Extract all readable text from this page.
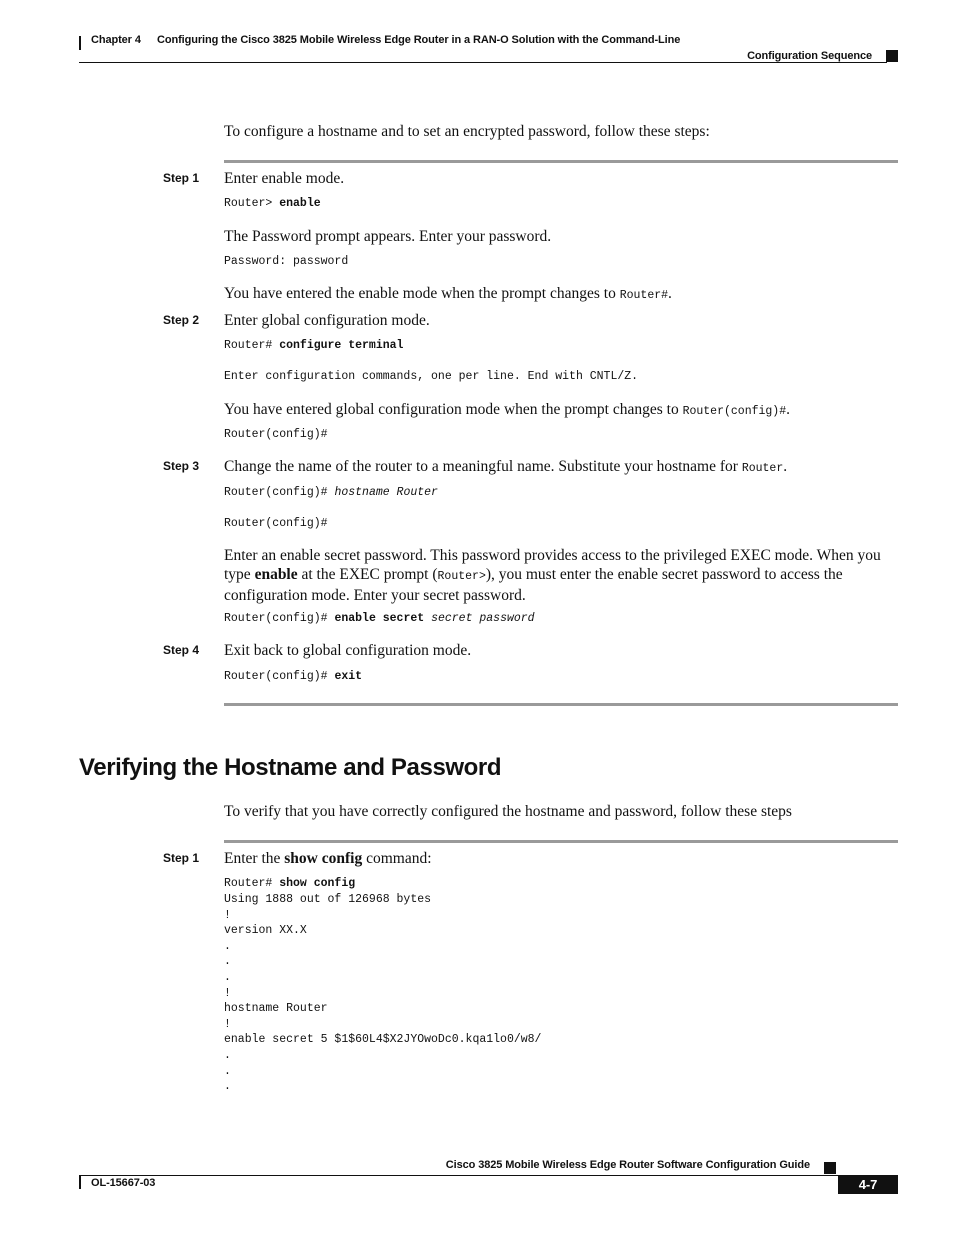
Chapter 4 Configuring the Cisco 3825 Mobile Wireless Edge Router in a RAN-O Solution with the Command-Line
Configuration Sequence
To configure a hostname and to set an encrypted password, follow these steps:
Step 1 Enter enable mode.
Router> enable
The Password prompt appears. Enter your password.
Password: password
You have entered the enable mode when the prompt changes to Router#.
Step 2 Enter global configuration mode.
Router# configure terminal
Enter configuration commands, one per line. End with CNTL/Z.
You have entered global configuration mode when the prompt changes to Router(config)#.
Router(config)#
Step 3 Change the name of the router to a meaningful name. Substitute your hostname for Router.
Router(config)# hostname Router
Router(config)#
Enter an enable secret password. This password provides access to the privileged EXEC mode. When you type enable at the EXEC prompt (Router>), you must enter the enable secret password to access the configuration mode. Enter your secret password.
Router(config)# enable secret secret password
Step 4 Exit back to global configuration mode.
Router(config)# exit
Verifying the Hostname and Password
To verify that you have correctly configured the hostname and password, follow these steps
Step 1 Enter the show config command:
Router# show config
Using 1888 out of 126968 bytes
!
version XX.X
.
.
.
!
hostname Router
!
enable secret 5 $1$60L4$X2JYOwoDc0.kqa1lo0/w8/
.
.
.
Cisco 3825 Mobile Wireless Edge Router Software Configuration Guide
OL-15667-03	4-7
